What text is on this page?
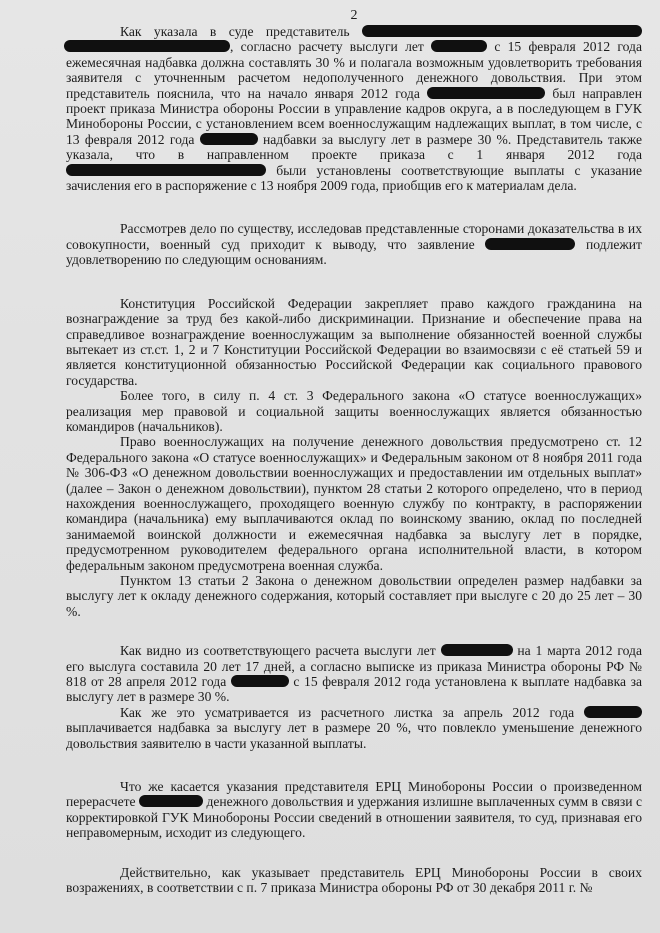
2

Как указала в суде представитель  , согласно расчету выслуги лет	с 15 февраля 2012 года ежемесячная надбавка должна составлять 30 % и полагала возможным удовлетворить требования заявителя с уточненным расчетом недополученного денежного довольствия. При этом представитель пояснила, что на начало января 2012 года	был направлен проект приказа Министра обороны России в управление кадров округа, а в последующем в ГУК Минобороны России, с установлением всем военнослужащим надлежащих выплат, в том числе, с 13 февраля 2012 года	надбавки за выслугу лет в размере 30 %. Представитель также указала, что в направленном проекте приказа с 1 января 2012 года  были установлены соответствующие выплаты с указание зачисления его в распоряжение с 13 ноября 2009 года, приобщив его к материалам дела.

Рассмотрев дело по существу, исследовав представленные сторонами доказательства в их совокупности, военный суд приходит к выводу, что заявление	подлежит удовлетворению по следующим основаниям.

Конституция Российской Федерации закрепляет право каждого гражданина на вознаграждение за труд без какой-либо дискриминации. Признание и обеспечение права на справедливое вознаграждение военнослужащим за выполнение обязанностей военной службы вытекает из ст.ст. 1, 2 и 7 Конституции Российской Федерации во взаимосвязи с её статьей 59 и является конституционной обязанностью Российской Федерации как социального правового государства.

Более того, в силу п. 4 ст. 3 Федерального закона «О статусе военнослужащих» реализация мер правовой и социальной защиты военнослужащих является обязанностью командиров (начальников).

Право военнослужащих на получение денежного довольствия предусмотрено ст. 12 Федерального закона «О статусе военнослужащих» и Федеральным законом от 8 ноября 2011 года № 306-ФЗ «О денежном довольствии военнослужащих и предоставлении им отдельных выплат» (далее – Закон о денежном довольствии), пунктом 28 статьи 2 которого определено, что в период нахождения военнослужащего, проходящего военную службу по контракту, в распоряжении командира (начальника) ему выплачиваются оклад по воинскому званию, оклад по последней занимаемой воинской должности и ежемесячная надбавка за выслугу лет в порядке, предусмотренном руководителем федерального органа исполнительной власти, в котором федеральным законом предусмотрена военная служба.

Пунктом 13 статьи 2 Закона о денежном довольствии определен размер надбавки за выслугу лет к окладу денежного содержания, который составляет при выслуге с 20 до 25 лет – 30 %.

Как видно из соответствующего расчета выслуги лет	на 1 марта 2012 года его выслуга составила 20 лет 17 дней, а согласно выписке из приказа Министра обороны РФ № 818 от 28 апреля 2012 года	с 15 февраля 2012 года установлена к выплате надбавка за выслугу лет в размере 30 %.

Как же это усматривается из расчетного листка за апрель 2012 года  выплачивается надбавка за выслугу лет в размере 20 %, что повлекло уменьшение денежного довольствия заявителю в части указанной выплаты.

Что же касается указания представителя ЕРЦ Минобороны России о произведенном перерасчете	денежного довольствия и удержания излишне выплаченных сумм в связи с корректировкой ГУК Минобороны России сведений в отношении заявителя, то суд, признавая его неправомерным, исходит из следующего.

Действительно, как указывает представитель ЕРЦ Минобороны России в своих возражениях, в соответствии с п. 7 приказа Министра обороны РФ от 30 декабря 2011 г. №
